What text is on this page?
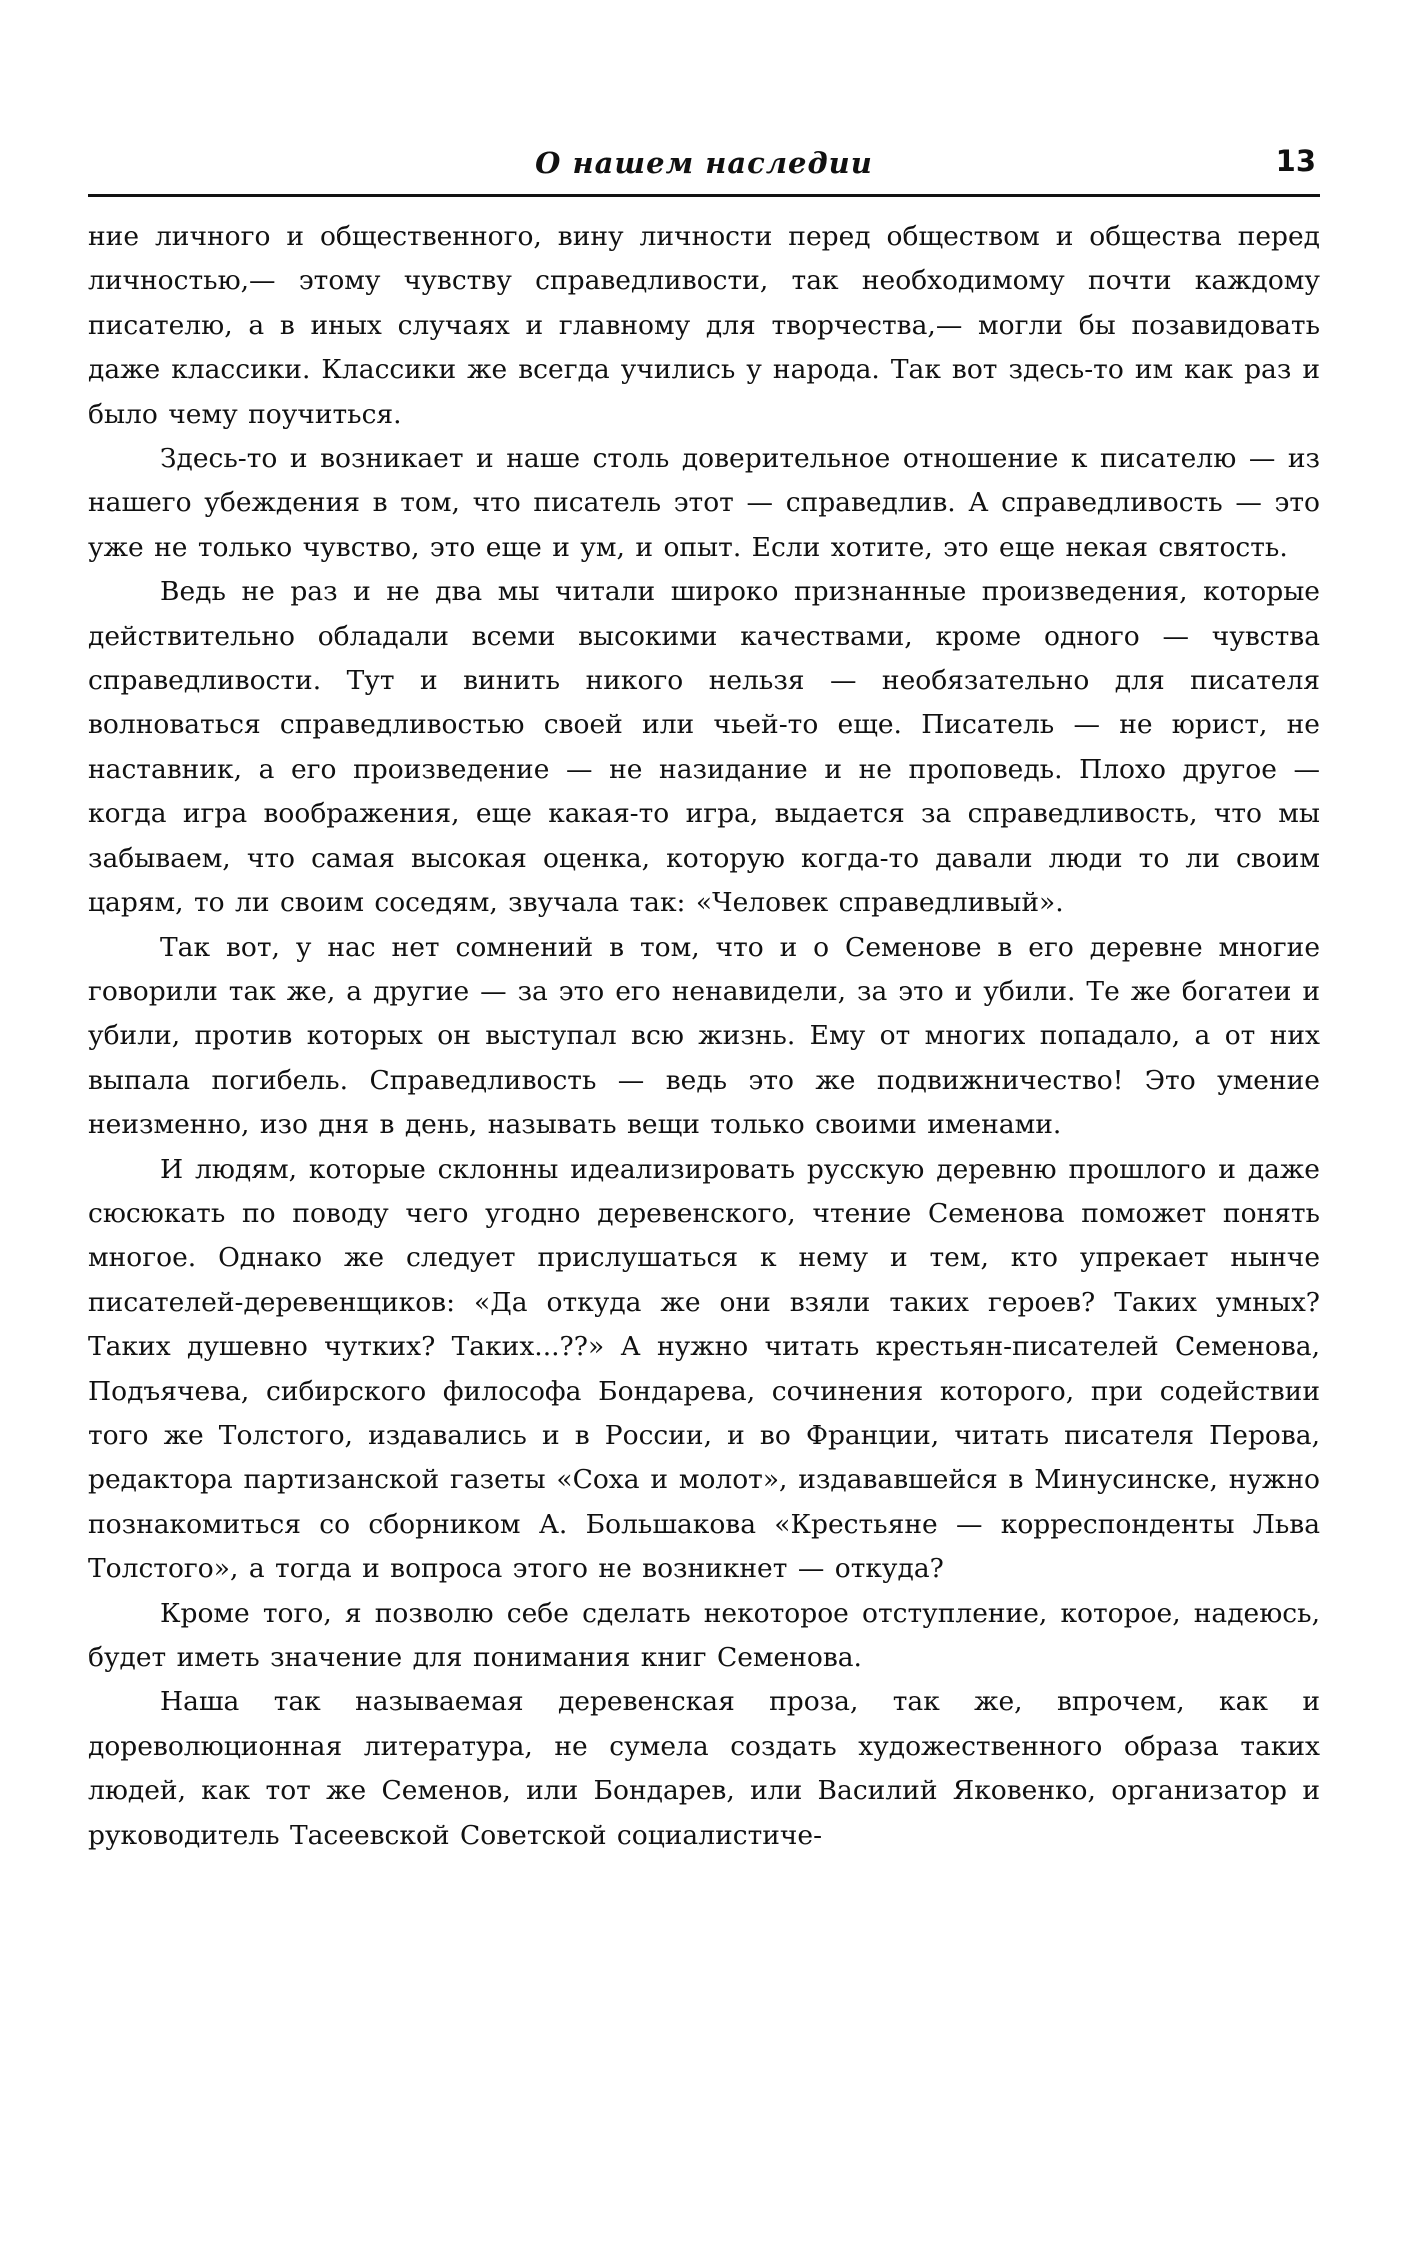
О нашем наследии	13

ние личного и общественного, вину личности перед обществом и общества перед личностью,— этому чувству справедливости, так необходимому почти каждому писателю, а в иных случаях и главному для творчества,— могли бы позавидовать даже классики. Классики же всегда учились у народа. Так вот здесь-то им как раз и было чему поучиться.

Здесь-то и возникает и наше столь доверительное отношение к писателю — из нашего убеждения в том, что писатель этот — справедлив. А справедливость — это уже не только чувство, это еще и ум, и опыт. Если хотите, это еще некая святость.

Ведь не раз и не два мы читали широко признанные произведения, которые действительно обладали всеми высокими качествами, кроме одного — чувства справедливости. Тут и винить никого нельзя — необязательно для писателя волноваться справедливостью своей или чьей-то еще. Писатель — не юрист, не наставник, а его произведение — не назидание и не проповедь. Плохо другое — когда игра воображения, еще какая-то игра, выдается за справедливость, что мы забываем, что самая высокая оценка, которую когда-то давали люди то ли своим царям, то ли своим соседям, звучала так: «Человек справедливый».

Так вот, у нас нет сомнений в том, что и о Семенове в его деревне многие говорили так же, а другие — за это его ненавидели, за это и убили. Те же богатеи и убили, против которых он выступал всю жизнь. Ему от многих попадало, а от них выпала погибель. Справедливость — ведь это же подвижничество! Это умение неизменно, изо дня в день, называть вещи только своими именами.

И людям, которые склонны идеализировать русскую деревню прошлого и даже сюсюкать по поводу чего угодно деревенского, чтение Семенова поможет понять многое. Однако же следует прислушаться к нему и тем, кто упрекает нынче писателей-деревенщиков: «Да откуда же они взяли таких героев? Таких умных? Таких душевно чутких? Таких...??» А нужно читать крестьян-писателей Семенова, Подъячева, сибирского философа Бондарева, сочинения которого, при содействии того же Толстого, издавались и в России, и во Франции, читать писателя Перова, редактора партизанской газеты «Соха и молот», издававшейся в Минусинске, нужно познакомиться со сборником А. Большакова «Крестьяне — корреспонденты Льва Толстого», а тогда и вопроса этого не возникнет — откуда?

Кроме того, я позволю себе сделать некоторое отступление, которое, надеюсь, будет иметь значение для понимания книг Семенова.

Наша так называемая деревенская проза, так же, впрочем, как и дореволюционная литература, не сумела создать художественного образа таких людей, как тот же Семенов, или Бондарев, или Василий Яковенко, организатор и руководитель Тасеевской Советской социалистиче-
